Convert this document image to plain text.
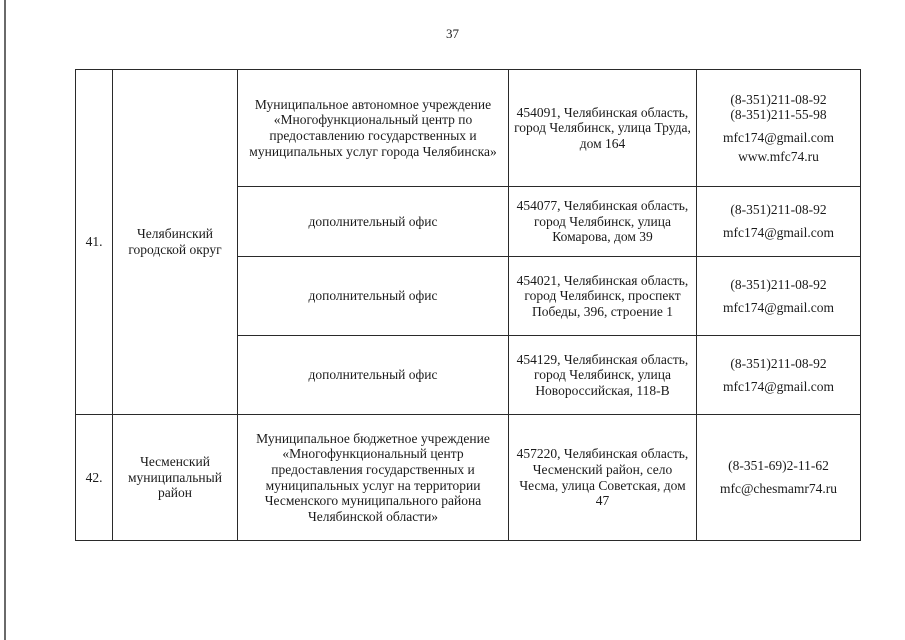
37
41.	Челябинский городской округ	Муниципальное автономное учреждение «Многофункциональный центр по предоставлению государственных и муниципальных услуг города Челябинска»	454091, Челябинская область, город Челябинск, улица Труда, дом 164	(8-351)211-08-92
(8-351)211-55-98
mfc174@gmail.com
www.mfc74.ru

		дополнительный офис	454077, Челябинская область, город Челябинск, улица Комарова, дом 39	(8-351)211-08-92
mfc174@gmail.com

		дополнительный офис	454021, Челябинская область, город Челябинск, проспект Победы, 396, строение 1	(8-351)211-08-92
mfc174@gmail.com

		дополнительный офис	454129, Челябинская область, город Челябинск, улица Новороссийская, 118-В	(8-351)211-08-92
mfc174@gmail.com

42.	Чесменский муниципальный район	Муниципальное бюджетное учреждение «Многофункциональный центр предоставления государственных и муниципальных услуг на территории Чесменского муниципального района Челябинской области»	457220, Челябинская область, Чесменский район, село Чесма, улица Советская, дом 47	(8-351-69)2-11-62
mfc@chesmamr74.ru
